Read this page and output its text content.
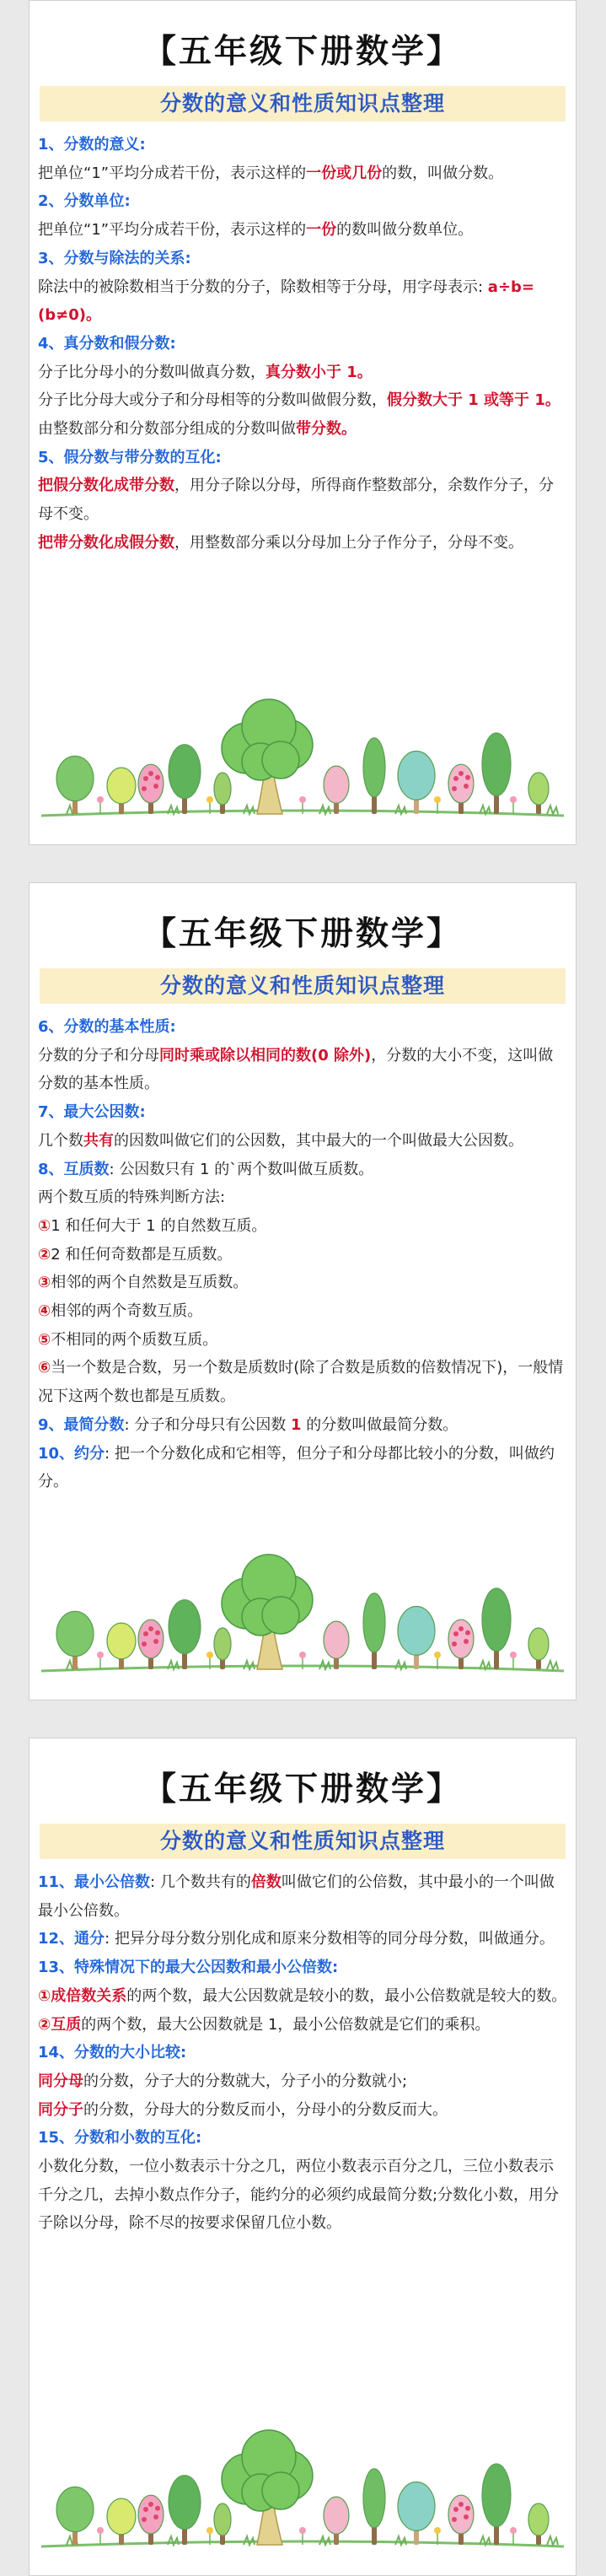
【五年级下册数学】
分数的意义和性质知识点整理

1、分数的意义:

把单位“1”平均分成若干份，表示这样的一份或几份的数，叫做分数。

2、分数单位:

把单位“1”平均分成若干份，表示这样的一份的数叫做分数单位。

3、分数与除法的关系:

除法中的被除数相当于分数的分子，除数相等于分母，用字母表示: a÷b=(b≠0)。

4、真分数和假分数:

分子比分母小的分数叫做真分数，真分数小于 1。

分子比分母大或分子和分母相等的分数叫做假分数，假分数大于 1 或等于 1。

由整数部分和分数部分组成的分数叫做带分数。

5、假分数与带分数的互化:

把假分数化成带分数，用分子除以分母，所得商作整数部分，余数作分子，分母不变。

把带分数化成假分数，用整数部分乘以分母加上分子作分子，分母不变。

【五年级下册数学】
分数的意义和性质知识点整理

6、分数的基本性质:

分数的分子和分母同时乘或除以相同的数(0 除外)，分数的大小不变，这叫做分数的基本性质。

7、最大公因数:

几个数共有的因数叫做它们的公因数，其中最大的一个叫做最大公因数。

8、互质数: 公因数只有 1 的`两个数叫做互质数。

两个数互质的特殊判断方法:

①1 和任何大于 1 的自然数互质。

②2 和任何奇数都是互质数。

③相邻的两个自然数是互质数。

④相邻的两个奇数互质。

⑤不相同的两个质数互质。

⑥当一个数是合数，另一个数是质数时(除了合数是质数的倍数情况下)，一般情况下这两个数也都是互质数。

9、最简分数: 分子和分母只有公因数 1 的分数叫做最简分数。

10、约分: 把一个分数化成和它相等，但分子和分母都比较小的分数，叫做约分。

【五年级下册数学】
分数的意义和性质知识点整理

11、最小公倍数: 几个数共有的倍数叫做它们的公倍数，其中最小的一个叫做最小公倍数。

12、通分: 把异分母分数分别化成和原来分数相等的同分母分数，叫做通分。

13、特殊情况下的最大公因数和最小公倍数:

①成倍数关系的两个数，最大公因数就是较小的数，最小公倍数就是较大的数。

②互质的两个数，最大公因数就是 1，最小公倍数就是它们的乘积。

14、分数的大小比较:

同分母的分数，分子大的分数就大，分子小的分数就小;

同分子的分数，分母大的分数反而小，分母小的分数反而大。

15、分数和小数的互化:

小数化分数，一位小数表示十分之几，两位小数表示百分之几，三位小数表示千分之几，去掉小数点作分子，能约分的必须约成最简分数;分数化小数，用分子除以分母，除不尽的按要求保留几位小数。
